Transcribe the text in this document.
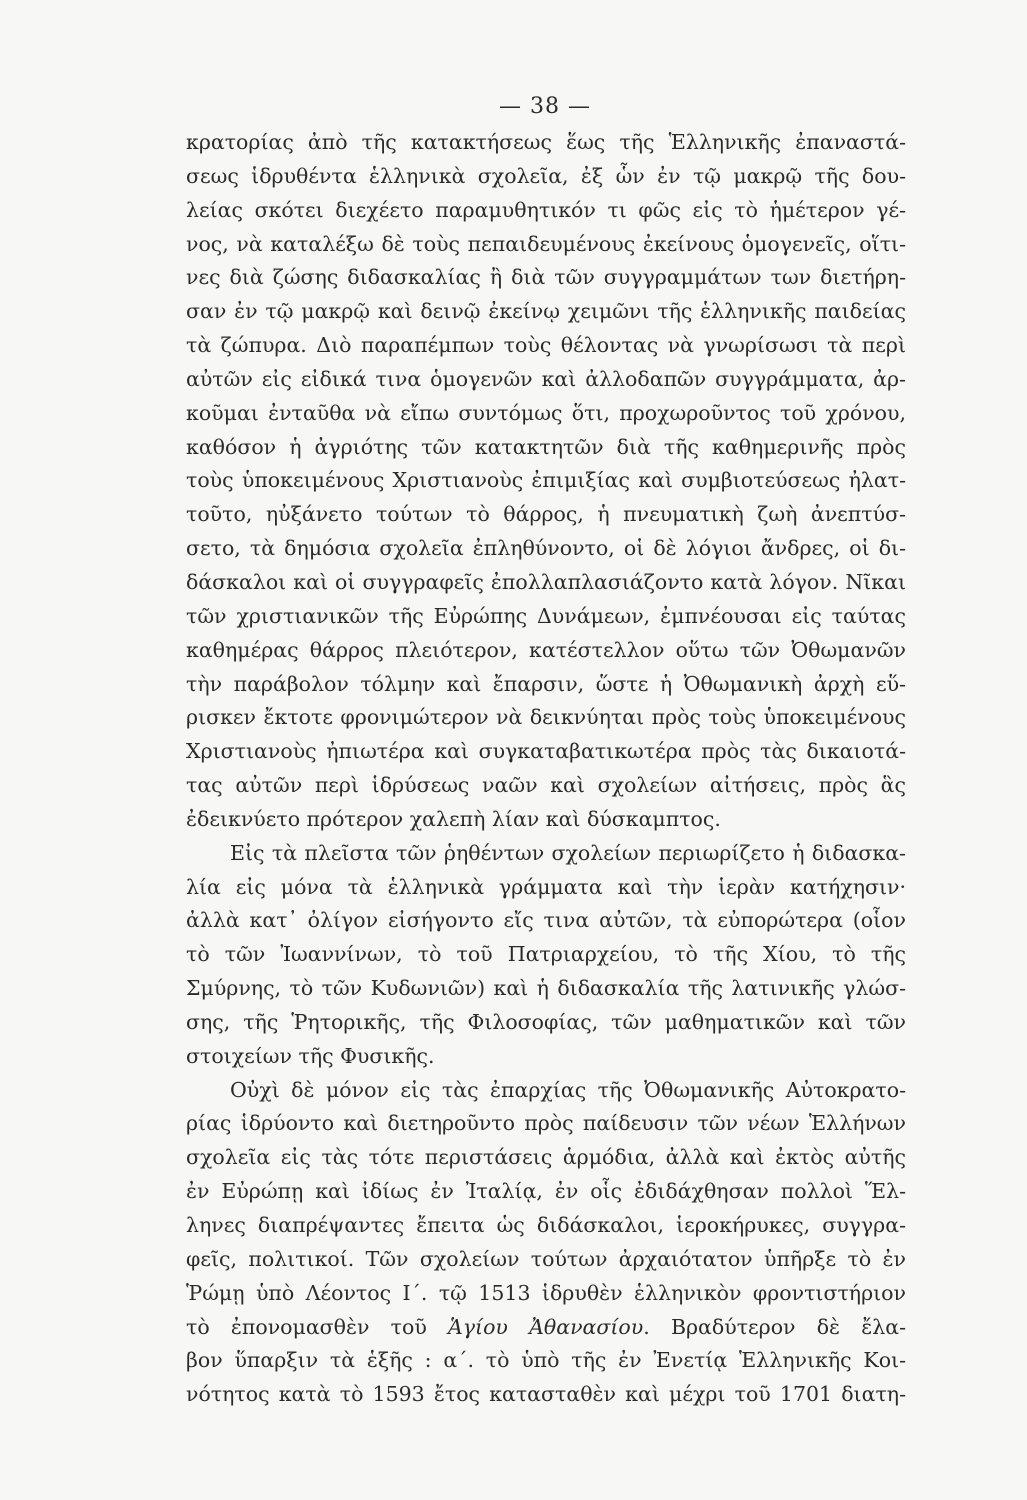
— 38 —
κρατορίας ἀπὸ τῆς κατακτήσεως ἕως τῆς Ἑλληνικῆς ἐπαναστά-
σεως ἱδρυθέντα ἑλληνικὰ σχολεῖα, ἐξ ὧν ἐν τῷ μακρῷ τῆς δου-
λείας σκότει διεχέετο παραμυθητικόν τι φῶς εἰς τὸ ἡμέτερον γέ-
νος, νὰ καταλέξω δὲ τοὺς πεπαιδευμένους ἐκείνους ὁμογενεῖς, οἵτι-
νες διὰ ζώσης διδασκαλίας ἢ διὰ τῶν συγγραμμάτων των διετήρη-
σαν ἐν τῷ μακρῷ καὶ δεινῷ ἐκείνῳ χειμῶνι τῆς ἑλληνικῆς παιδείας
τὰ ζώπυρα. Διὸ παραπέμπων τοὺς θέλοντας νὰ γνωρίσωσι τὰ περὶ
αὐτῶν εἰς εἰδικά τινα ὁμογενῶν καὶ ἀλλοδαπῶν συγγράμματα, ἀρ-
κοῦμαι ἐνταῦθα νὰ εἴπω συντόμως ὅτι, προχωροῦντος τοῦ χρόνου,
καθόσον ἡ ἀγριότης τῶν κατακτητῶν διὰ τῆς καθημερινῆς πρὸς
τοὺς ὑποκειμένους Χριστιανοὺς ἐπιμιξίας καὶ συμβιοτεύσεως ἠλατ-
τοῦτο, ηὐξάνετο τούτων τὸ θάρρος, ἡ πνευματικὴ ζωὴ ἀνεπτύσ-
σετο, τὰ δημόσια σχολεῖα ἐπληθύνοντο, οἱ δὲ λόγιοι ἄνδρες, οἱ δι-
δάσκαλοι καὶ οἱ συγγραφεῖς ἐπολλαπλασιάζοντο κατὰ λόγον. Νῖκαι
τῶν χριστιανικῶν τῆς Εὐρώπης Δυνάμεων, ἐμπνέουσαι εἰς ταύτας
καθημέρας θάρρος πλειότερον, κατέστελλον οὕτω τῶν Ὀθωμανῶν
τὴν παράβολον τόλμην καὶ ἔπαρσιν, ὥστε ἡ Ὀθωμανικὴ ἀρχὴ εὕ-
ρισκεν ἔκτοτε φρονιμώτερον νὰ δεικνύηται πρὸς τοὺς ὑποκειμένους
Χριστιανοὺς ἠπιωτέρα καὶ συγκαταβατικωτέρα πρὸς τὰς δικαιοτά-
τας αὐτῶν περὶ ἱδρύσεως ναῶν καὶ σχολείων αἰτήσεις, πρὸς ἃς
ἐδεικνύετο πρότερον χαλεπὴ λίαν καὶ δύσκαμπτος.
Εἰς τὰ πλεῖστα τῶν ῥηθέντων σχολείων περιωρίζετο ἡ διδασκα-
λία εἰς μόνα τὰ ἑλληνικὰ γράμματα καὶ τὴν ἱερὰν κατήχησιν·
ἀλλὰ κατ᾽ ὀλίγον εἰσήγοντο εἴς τινα αὐτῶν, τὰ εὐπορώτερα (οἷον
τὸ τῶν Ἰωαννίνων, τὸ τοῦ Πατριαρχείου, τὸ τῆς Χίου, τὸ τῆς
Σμύρνης, τὸ τῶν Κυδωνιῶν) καὶ ἡ διδασκαλία τῆς λατινικῆς γλώσ-
σης, τῆς Ῥητορικῆς, τῆς Φιλοσοφίας, τῶν μαθηματικῶν καὶ τῶν
στοιχείων τῆς Φυσικῆς.
Οὐχὶ δὲ μόνον εἰς τὰς ἐπαρχίας τῆς Ὀθωμανικῆς Αὐτοκρατο-
ρίας ἱδρύοντο καὶ διετηροῦντο πρὸς παίδευσιν τῶν νέων Ἑλλήνων
σχολεῖα εἰς τὰς τότε περιστάσεις ἁρμόδια, ἀλλὰ καὶ ἐκτὸς αὐτῆς
ἐν Εὐρώπῃ καὶ ἰδίως ἐν Ἰταλίᾳ, ἐν οἷς ἐδιδάχθησαν πολλοὶ Ἕλ-
ληνες διαπρέψαντες ἔπειτα ὡς διδάσκαλοι, ἱεροκήρυκες, συγγρα-
φεῖς, πολιτικοί. Τῶν σχολείων τούτων ἀρχαιότατον ὑπῆρξε τὸ ἐν
Ῥώμῃ ὑπὸ Λέοντος Ι΄. τῷ 1513 ἱδρυθὲν ἑλληνικὸν φροντιστήριον
τὸ ἐπονομασθὲν τοῦ Ἁγίου Ἀθανασίου. Βραδύτερον δὲ ἔλα-
βον ὕπαρξιν τὰ ἑξῆς : α΄. τὸ ὑπὸ τῆς ἐν Ἐνετίᾳ Ἑλληνικῆς Κοι-
νότητος κατὰ τὸ 1593 ἔτος κατασταθὲν καὶ μέχρι τοῦ 1701 διατη-
